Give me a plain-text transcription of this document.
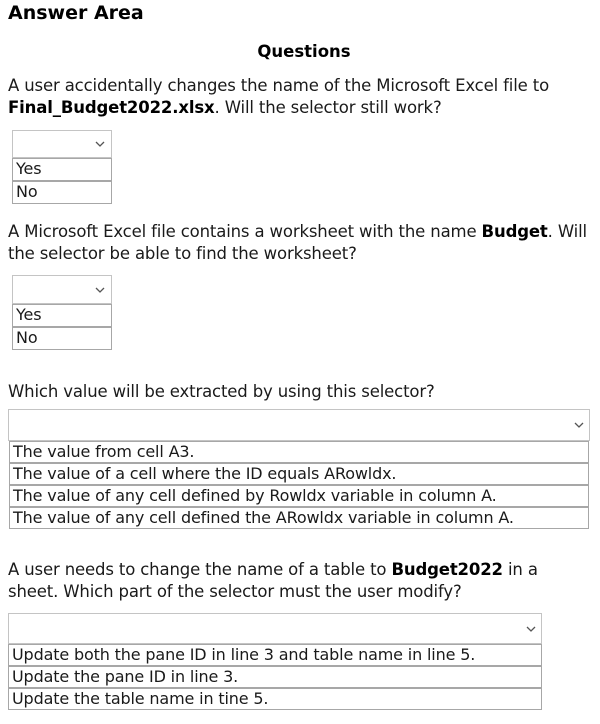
Answer Area
Questions
A user accidentally changes the name of the Microsoft Excel file to Final_Budget2022.xlsx. Will the selector still work?
Yes
No
A Microsoft Excel file contains a worksheet with the name Budget. Will the selector be able to find the worksheet?
Yes
No
Which value will be extracted by using this selector?
The value from cell A3.
The value of a cell where the ID equals ARowldx.
The value of any cell defined by Rowldx variable in column A.
The value of any cell defined the ARowldx variable in column A.
A user needs to change the name of a table to Budget2022 in a sheet. Which part of the selector must the user modify?
Update both the pane ID in line 3 and table name in line 5.
Update the pane ID in line 3.
Update the table name in tine 5.
